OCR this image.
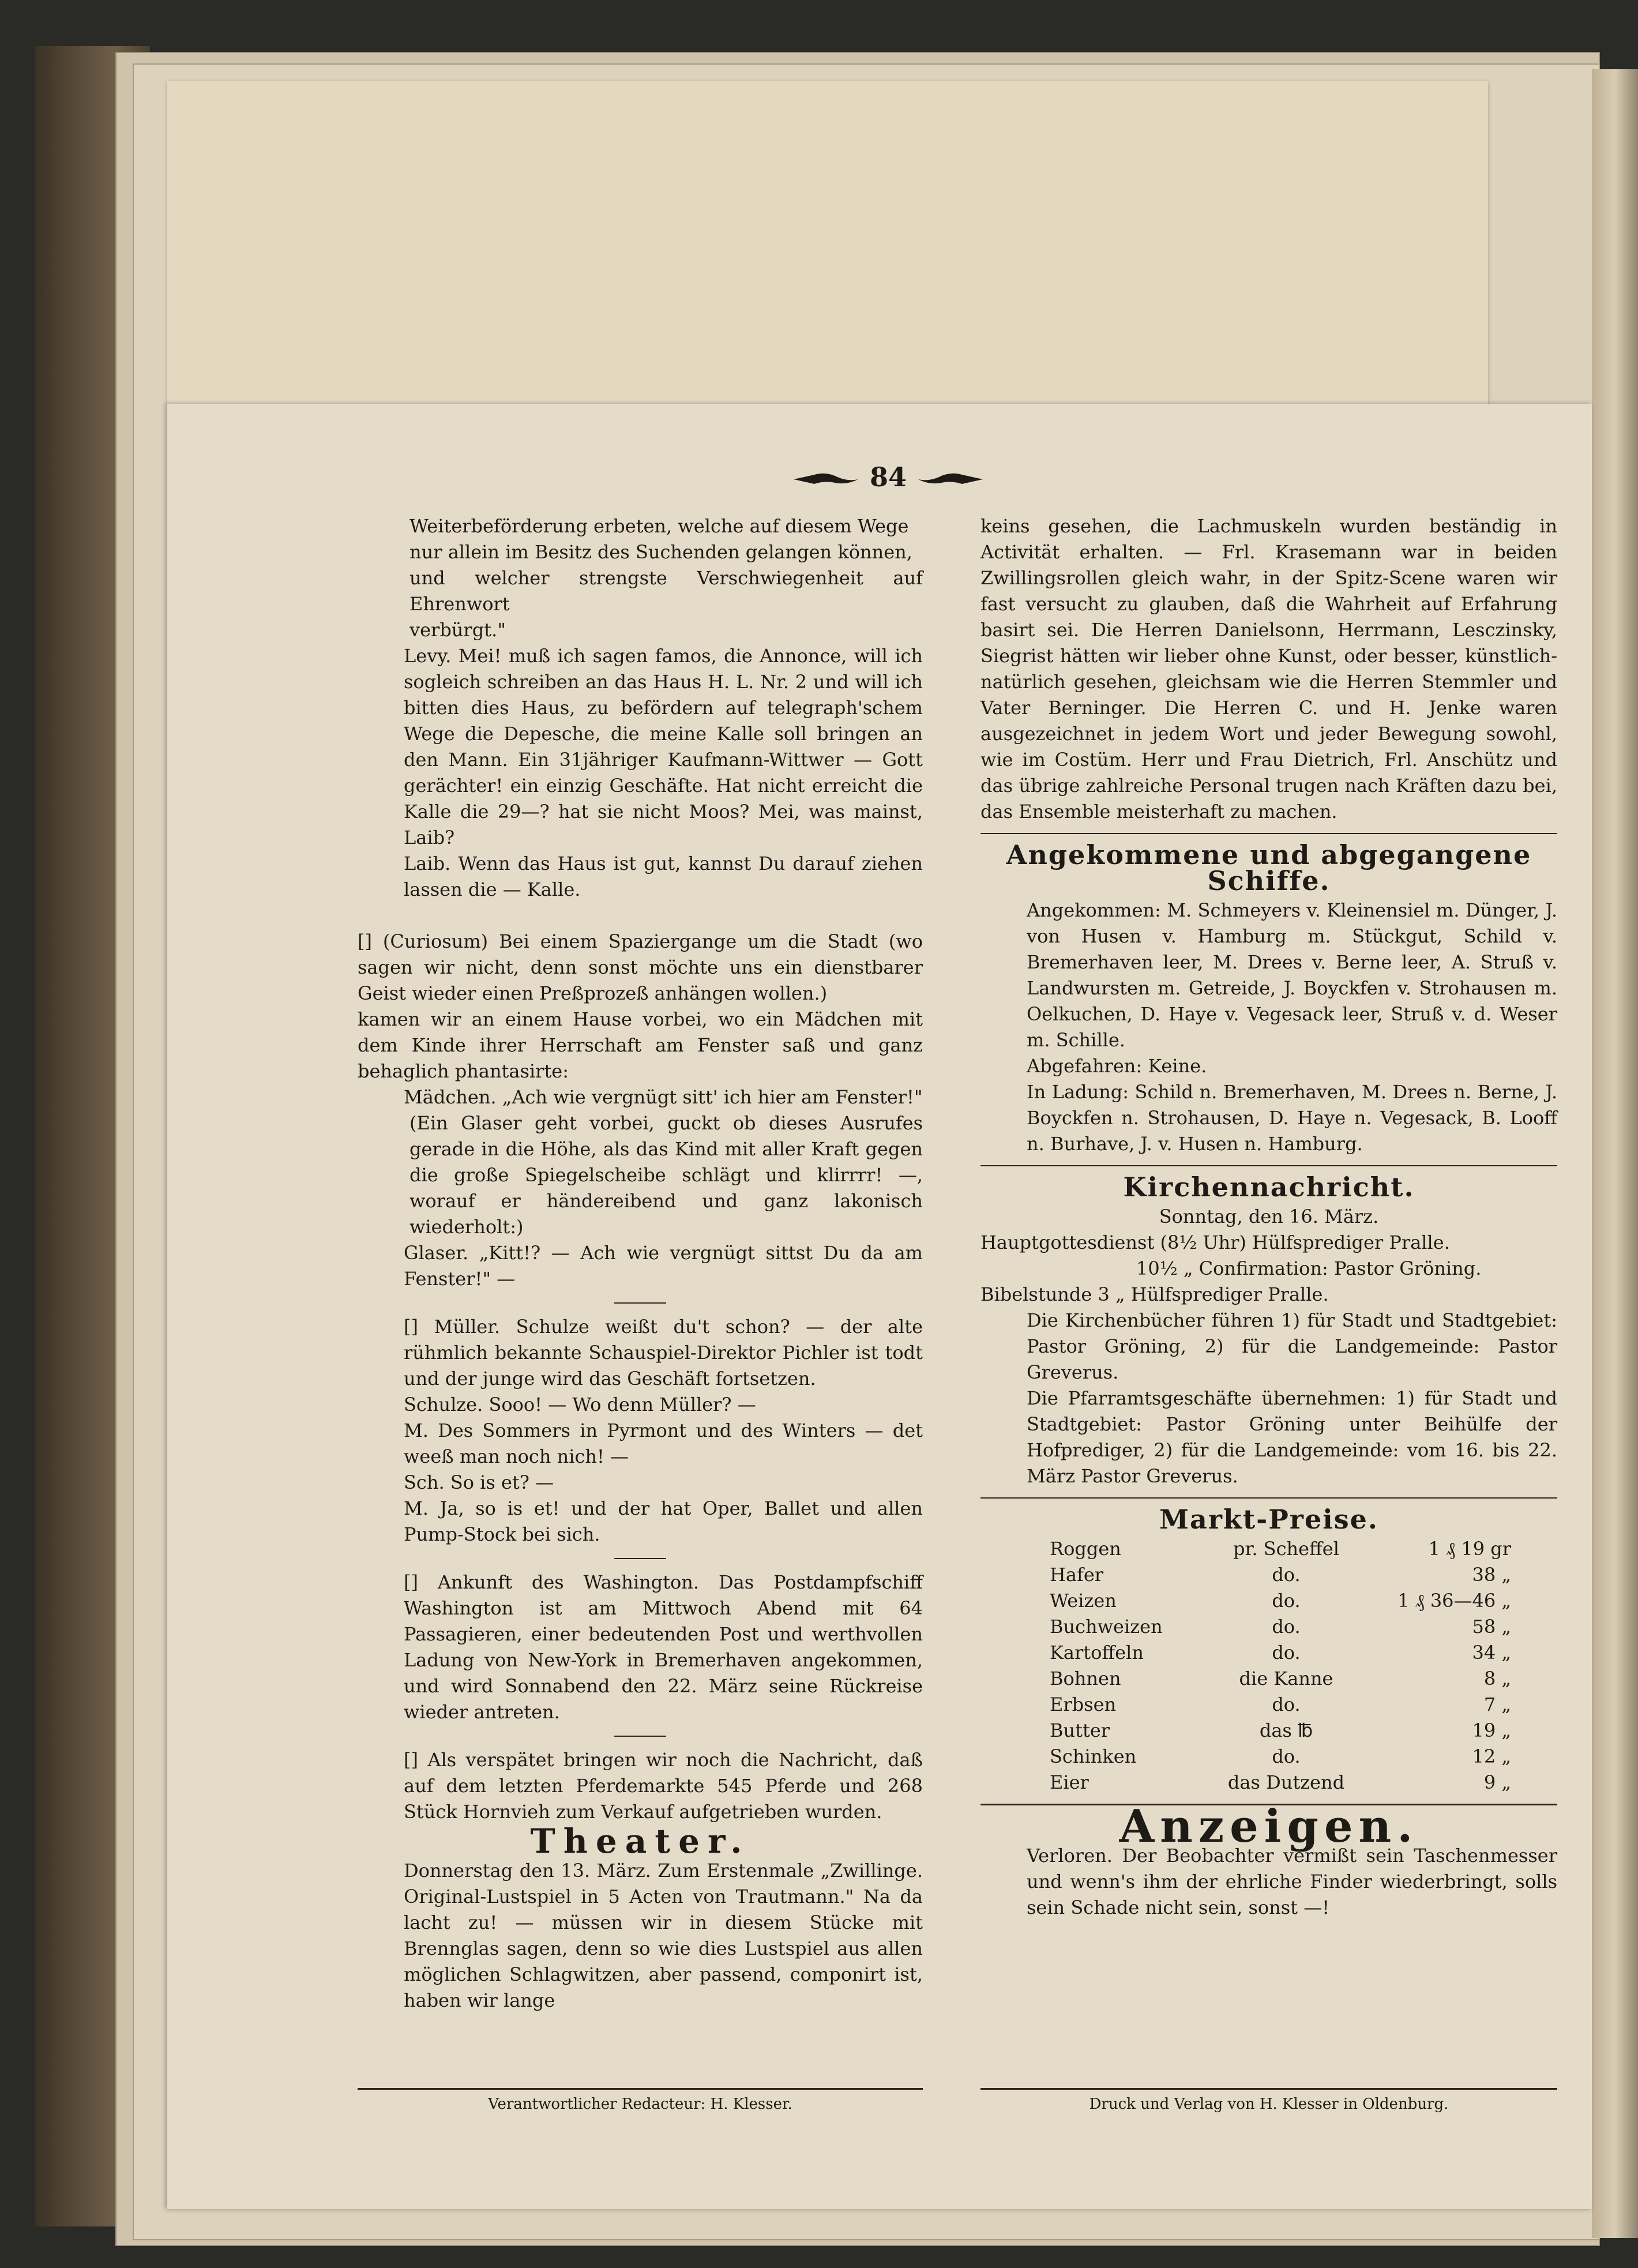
84

Weiterbeförderung erbeten, welche auf diesem Wege

nur allein im Besitz des Suchenden gelangen können,

und welcher strengste Verschwiegenheit auf Ehrenwort

verbürgt."

Levy. Mei! muß ich sagen famos, die Annonce, will ich sogleich schreiben an das Haus H. L. Nr. 2 und will ich bitten dies Haus, zu befördern auf telegraph'schem Wege die Depesche, die meine Kalle soll bringen an den Mann. Ein 31jähriger Kaufmann-Wittwer — Gott gerächter! ein einzig Geschäfte. Hat nicht erreicht die Kalle die 29—? hat sie nicht Moos? Mei, was mainst, Laib?

Laib. Wenn das Haus ist gut, kannst Du darauf ziehen lassen die — Kalle.

[] (Curiosum) Bei einem Spaziergange um die Stadt (wo sagen wir nicht, denn sonst möchte uns ein dienstbarer Geist wieder einen Preßprozeß anhängen wollen.)

kamen wir an einem Hause vorbei, wo ein Mädchen mit dem Kinde ihrer Herrschaft am Fenster saß und ganz behaglich phantasirte:

Mädchen. „Ach wie vergnügt sitt' ich hier am Fenster!"

(Ein Glaser geht vorbei, guckt ob dieses Ausrufes gerade in die Höhe, als das Kind mit aller Kraft gegen die große Spiegelscheibe schlägt und klirrrr! —, worauf er händereibend und ganz lakonisch wiederholt:)

Glaser. „Kitt!? — Ach wie vergnügt sittst Du da am Fenster!" —

[] Müller. Schulze weißt du't schon? — der alte rühmlich bekannte Schauspiel-Direktor Pichler ist todt und der junge wird das Geschäft fortsetzen.

Schulze. Sooo! — Wo denn Müller? —

M. Des Sommers in Pyrmont und des Winters — det weeß man noch nich! —

Sch. So is et? —

M. Ja, so is et! und der hat Oper, Ballet und allen Pump-Stock bei sich.

[] Ankunft des Washington. Das Postdampfschiff Washington ist am Mittwoch Abend mit 64 Passagieren, einer bedeutenden Post und werthvollen Ladung von New-York in Bremerhaven angekommen, und wird Sonnabend den 22. März seine Rückreise wieder antreten.

[] Als verspätet bringen wir noch die Nachricht, daß auf dem letzten Pferdemarkte 545 Pferde und 268 Stück Hornvieh zum Verkauf aufgetrieben wurden.

Theater.

Donnerstag den 13. März. Zum Erstenmale „Zwillinge. Original-Lustspiel in 5 Acten von Trautmann." Na da lacht zu! — müssen wir in diesem Stücke mit Brennglas sagen, denn so wie dies Lustspiel aus allen möglichen Schlagwitzen, aber passend, componirt ist, haben wir lange

keins gesehen, die Lachmuskeln wurden beständig in Activität erhalten. — Frl. Krasemann war in beiden Zwillingsrollen gleich wahr, in der Spitz-Scene waren wir fast versucht zu glauben, daß die Wahrheit auf Erfahrung basirt sei. Die Herren Danielsonn, Herrmann, Lesczinsky, Siegrist hätten wir lieber ohne Kunst, oder besser, künstlich-natürlich gesehen, gleichsam wie die Herren Stemmler und Vater Berninger. Die Herren C. und H. Jenke waren ausgezeichnet in jedem Wort und jeder Bewegung sowohl, wie im Costüm. Herr und Frau Dietrich, Frl. Anschütz und das übrige zahlreiche Personal trugen nach Kräften dazu bei, das Ensemble meisterhaft zu machen.

Angekommene und abgegangene Schiffe.

Angekommen: M. Schmeyers v. Kleinensiel m. Dünger, J. von Husen v. Hamburg m. Stückgut, Schild v. Bremerhaven leer, M. Drees v. Berne leer, A. Struß v. Landwursten m. Getreide, J. Boyckfen v. Strohausen m. Oelkuchen, D. Haye v. Vegesack leer, Struß v. d. Weser m. Schille.

Abgefahren: Keine.

In Ladung: Schild n. Bremerhaven, M. Drees n. Berne, J. Boyckfen n. Strohausen, D. Haye n. Vegesack, B. Looff n. Burhave, J. v. Husen n. Hamburg.

Kirchennachricht.

Sonntag, den 16. März.

Hauptgottesdienst (8½ Uhr) Hülfsprediger Pralle.

10½ „ Confirmation: Pastor Gröning.

Bibelstunde 3 „ Hülfsprediger Pralle.

Die Kirchenbücher führen 1) für Stadt und Stadtgebiet: Pastor Gröning, 2) für die Landgemeinde: Pastor Greverus.

Die Pfarramtsgeschäfte übernehmen: 1) für Stadt und Stadtgebiet: Pastor Gröning unter Beihülfe der Hofprediger, 2) für die Landgemeinde: vom 16. bis 22. März Pastor Greverus.

Markt-Preise.
Roggen	pr. Scheffel	1 ₰ 19 gr
Hafer	do.	38 „
Weizen	do.	1 ₰ 36—46 „
Buchweizen	do.	58 „
Kartoffeln	do.	34 „
Bohnen	die Kanne	8 „
Erbsen	do.	7 „
Butter	das ℔	19 „
Schinken	do.	12 „
Eier	das Dutzend	9 „
Anzeigen.

Verloren. Der Beobachter vermißt sein Taschenmesser und wenn's ihm der ehrliche Finder wiederbringt, solls sein Schade nicht sein, sonst —!

Verantwortlicher Redacteur: H. Klesser.	Druck und Verlag von H. Klesser in Oldenburg.
